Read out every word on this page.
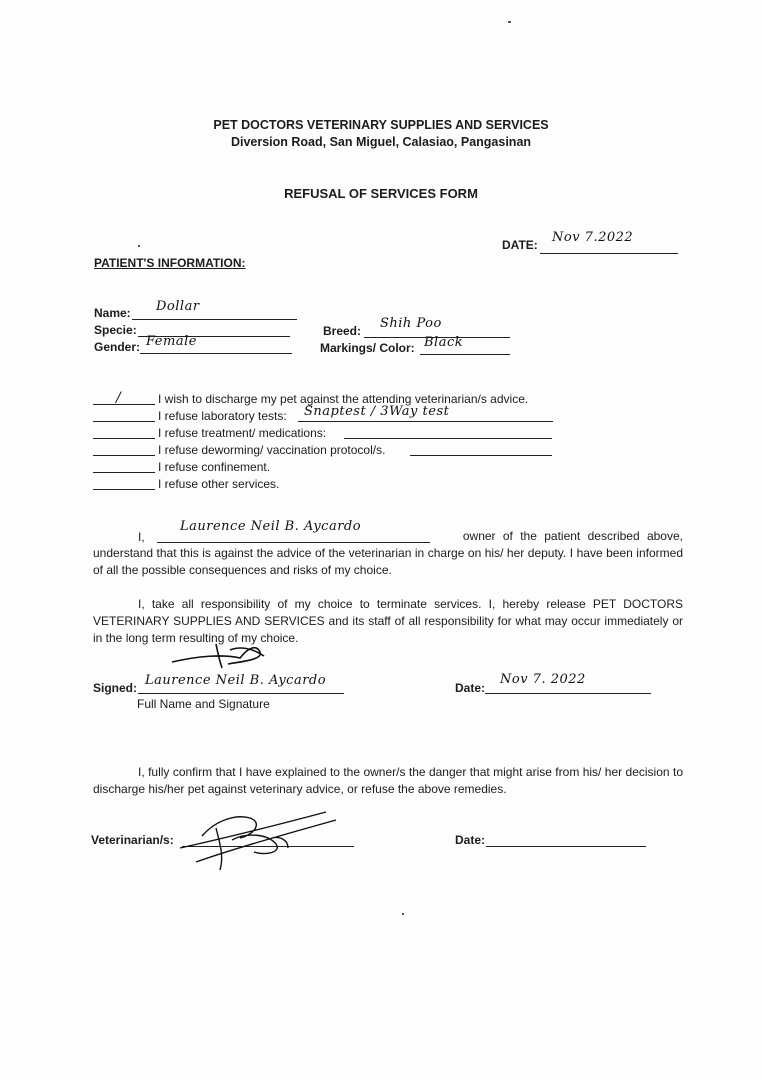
PET DOCTORS VETERINARY SUPPLIES AND SERVICES
Diversion Road, San Miguel, Calasiao, Pangasinan
REFUSAL OF SERVICES FORM
DATE: Nov 7.2022
PATIENT'S INFORMATION:
Name: Dollar
Specie:
Gender: Female
Breed: Shih Poo
Markings/ Color: Black
/	I wish to discharge my pet against the attending veterinarian/s advice.
I refuse laboratory tests: Snaptest / 3Way test
I refuse treatment/ medications:
I refuse deworming/ vaccination protocol/s.
I refuse confinement.
I refuse other services.
I,
Laurence Neil B. Aycardo
owner of the patient described above,
understand that this is against the advice of the veterinarian in charge on his/ her deputy. I have been informed of all the possible consequences and risks of my choice.
I, take all responsibility of my choice to terminate services. I, hereby release PET DOCTORS VETERINARY SUPPLIES AND SERVICES and its staff of all responsibility for what may occur immediately or in the long term resulting of my choice.
Signed: Laurence Neil B. Aycardo
Full Name and Signature
Date:
Nov 7. 2022
I, fully confirm that I have explained to the owner/s the danger that might arise from his/ her decision to discharge his/her pet against veterinary advice, or refuse the above remedies.
Veterinarian/s:	Date:
